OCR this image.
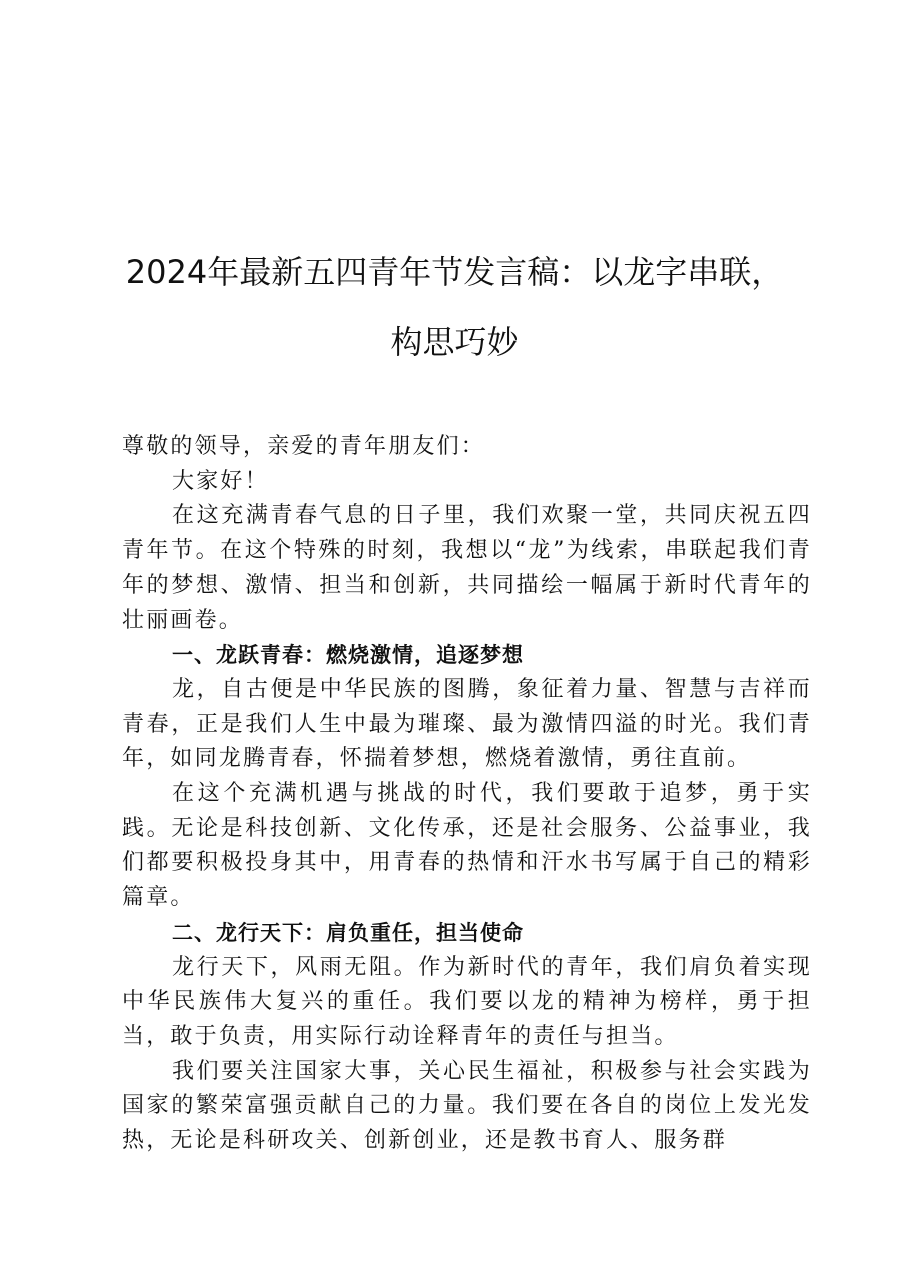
2024年最新五四青年节发言稿：以龙字串联，
构思巧妙

尊敬的领导，亲爱的青年朋友们：

大家好！

在这充满青春气息的日子里，我们欢聚一堂，共同庆祝五四青年节。在这个特殊的时刻，我想以“龙”为线索，串联起我们青年的梦想、激情、担当和创新，共同描绘一幅属于新时代青年的壮丽画卷。

一、龙跃青春：燃烧激情，追逐梦想

龙，自古便是中华民族的图腾，象征着力量、智慧与吉祥而青春，正是我们人生中最为璀璨、最为激情四溢的时光。我们青年，如同龙腾青春，怀揣着梦想，燃烧着激情，勇往直前。

在这个充满机遇与挑战的时代，我们要敢于追梦，勇于实践。无论是科技创新、文化传承，还是社会服务、公益事业，我们都要积极投身其中，用青春的热情和汗水书写属于自己的精彩篇章。

二、龙行天下：肩负重任，担当使命

龙行天下，风雨无阻。作为新时代的青年，我们肩负着实现中华民族伟大复兴的重任。我们要以龙的精神为榜样，勇于担当，敢于负责，用实际行动诠释青年的责任与担当。

我们要关注国家大事，关心民生福祉，积极参与社会实践为国家的繁荣富强贡献自己的力量。我们要在各自的岗位上发光发热，无论是科研攻关、创新创业，还是教书育人、服务群
